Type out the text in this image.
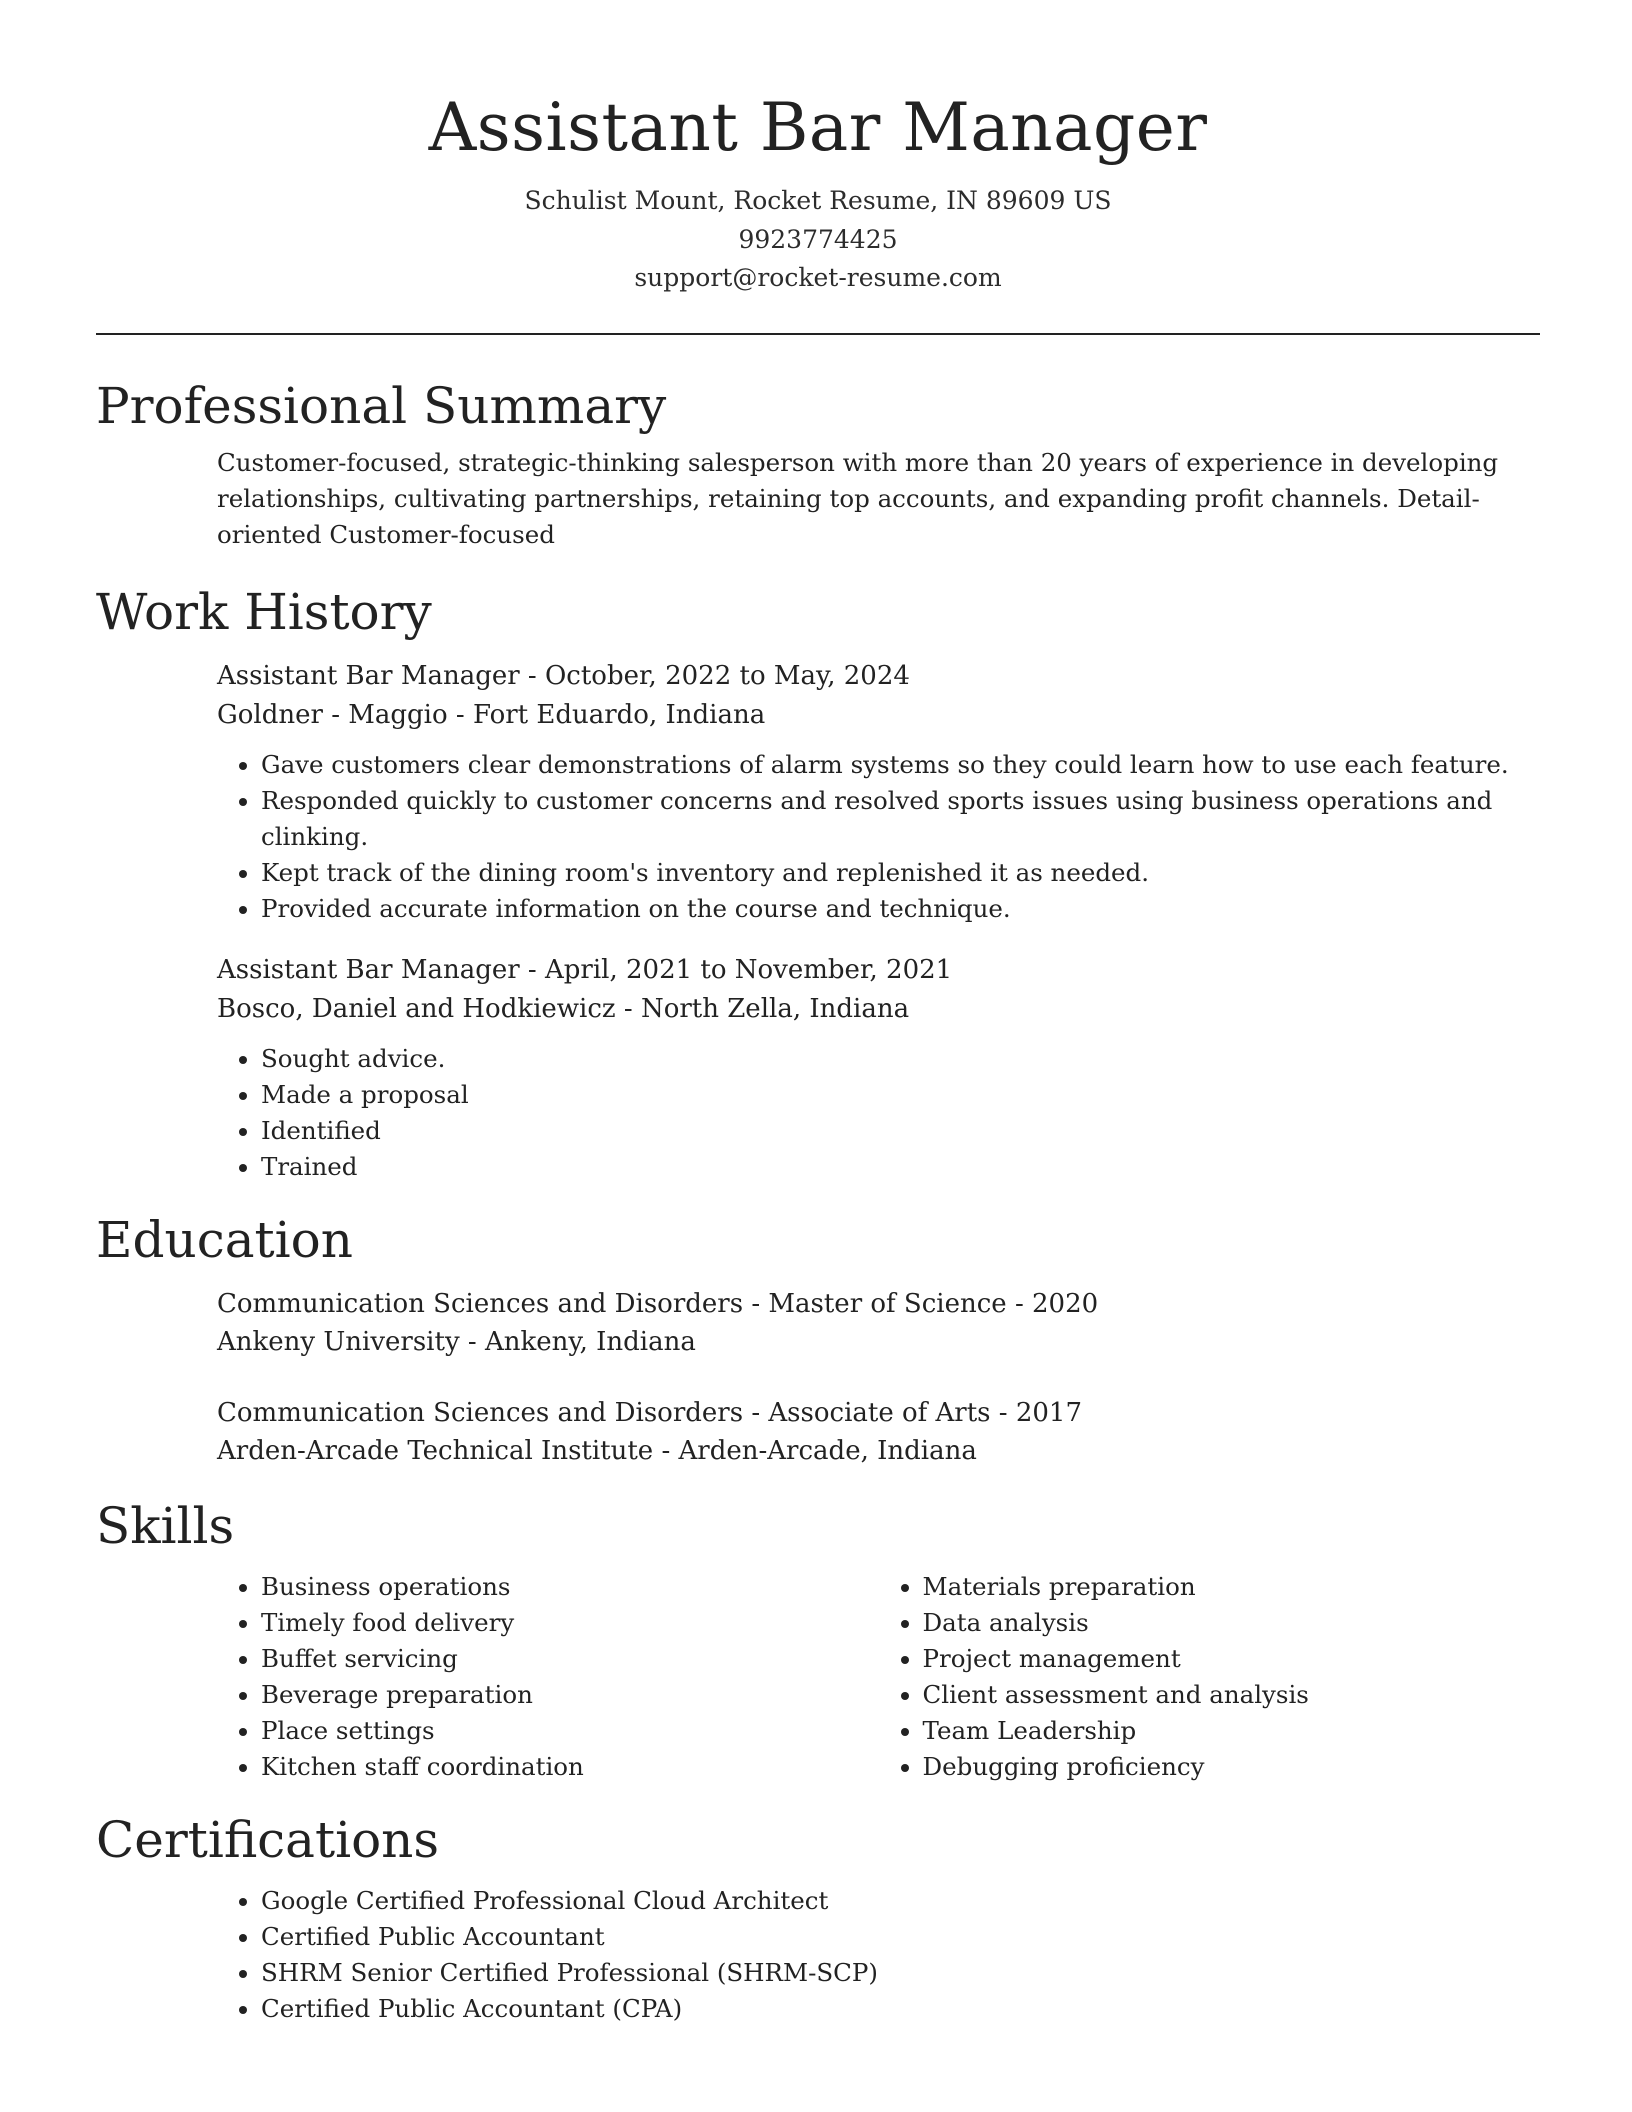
Assistant Bar Manager
Schulist Mount, Rocket Resume, IN 89609 US
9923774425
support@rocket-resume.com
Professional Summary
Customer-focused, strategic-thinking salesperson with more than 20 years of experience in developing relationships, cultivating partnerships, retaining top accounts, and expanding profit channels. Detail-oriented Customer-focused
Work History
Assistant Bar Manager - October, 2022 to May, 2024
Goldner - Maggio - Fort Eduardo, Indiana
• Gave customers clear demonstrations of alarm systems so they could learn how to use each feature.
• Responded quickly to customer concerns and resolved sports issues using business operations and clinking.
• Kept track of the dining room's inventory and replenished it as needed.
• Provided accurate information on the course and technique.
Assistant Bar Manager - April, 2021 to November, 2021
Bosco, Daniel and Hodkiewicz - North Zella, Indiana
• Sought advice.
• Made a proposal
• Identified
• Trained
Education
Communication Sciences and Disorders - Master of Science - 2020
Ankeny University - Ankeny, Indiana
Communication Sciences and Disorders - Associate of Arts - 2017
Arden-Arcade Technical Institute - Arden-Arcade, Indiana
Skills
• Business operations
• Timely food delivery
• Buffet servicing
• Beverage preparation
• Place settings
• Kitchen staff coordination
• Materials preparation
• Data analysis
• Project management
• Client assessment and analysis
• Team Leadership
• Debugging proficiency
Certifications
• Google Certified Professional Cloud Architect
• Certified Public Accountant
• SHRM Senior Certified Professional (SHRM-SCP)
• Certified Public Accountant (CPA)
